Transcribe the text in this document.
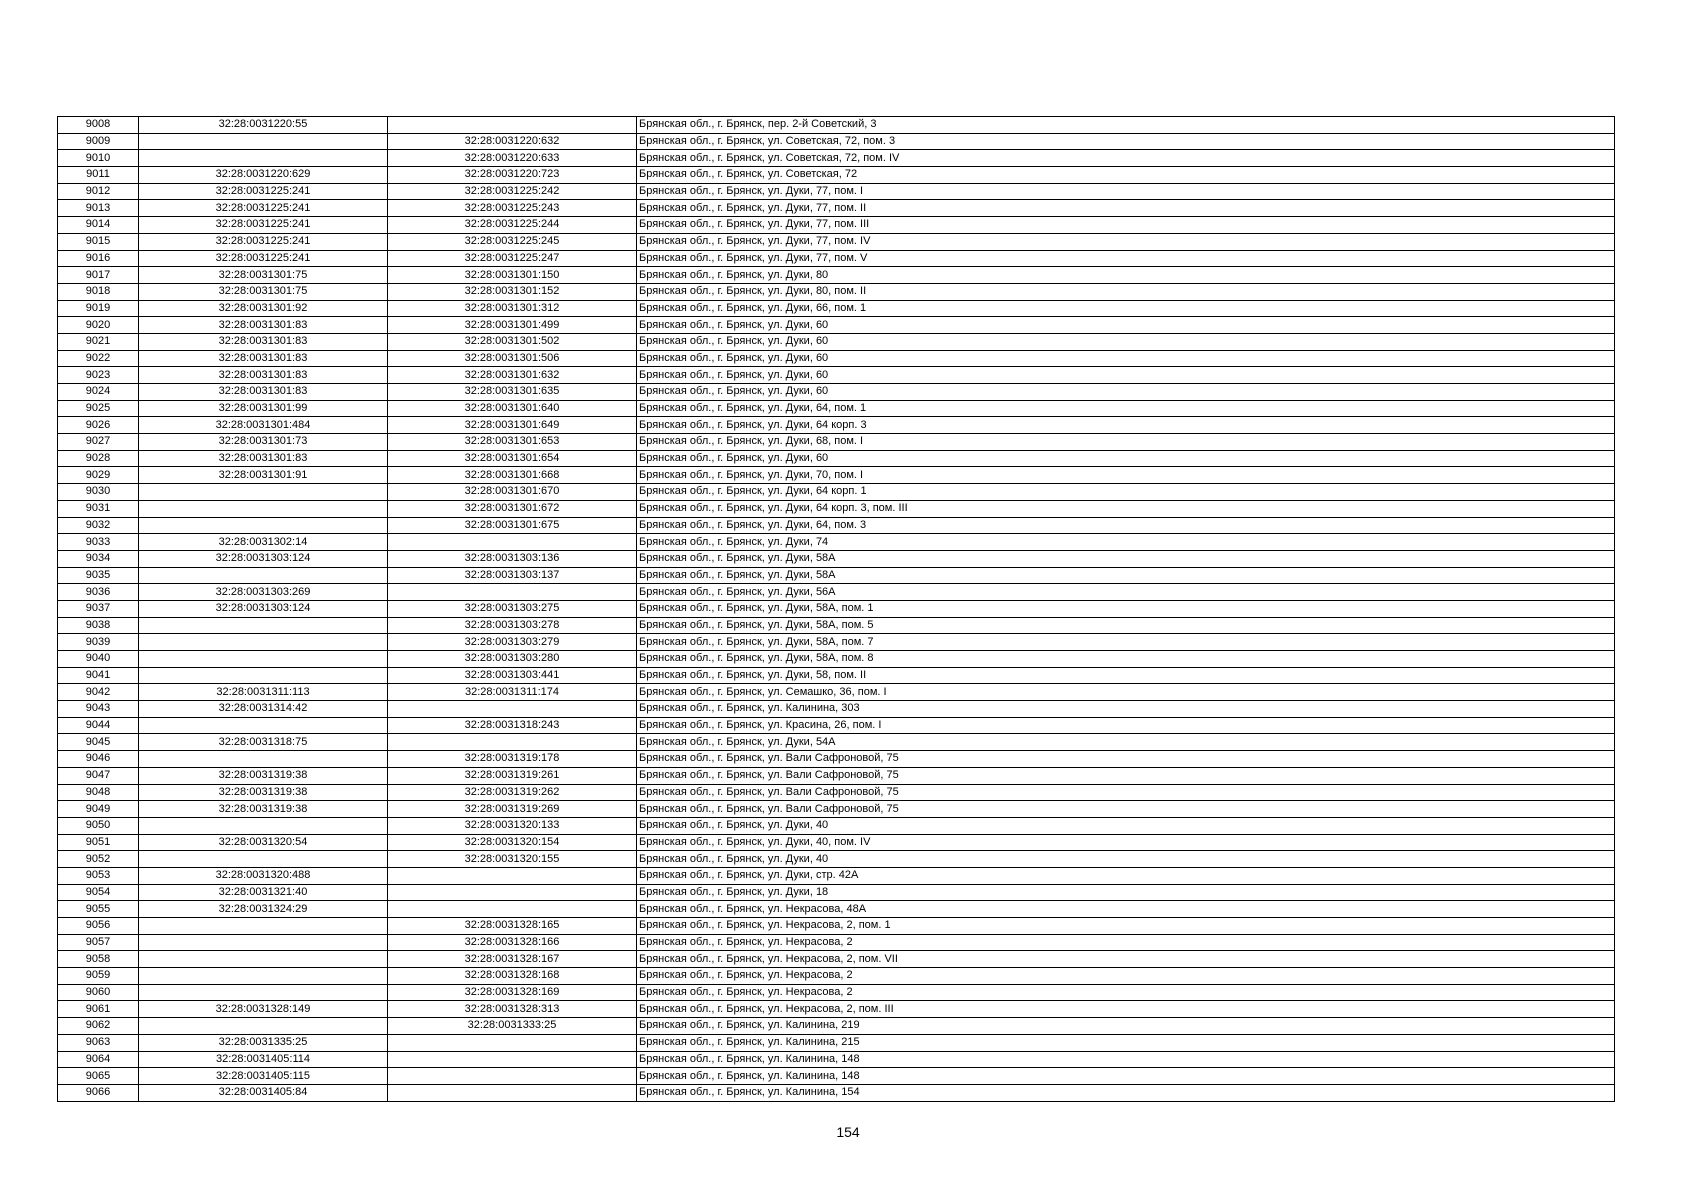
9008	32:28:0031220:55		Брянская обл., г. Брянск, пер. 2-й Советский, 3
9009		32:28:0031220:632	Брянская обл., г. Брянск, ул. Советская, 72, пом. 3
9010		32:28:0031220:633	Брянская обл., г. Брянск, ул. Советская, 72, пом. IV
9011	32:28:0031220:629	32:28:0031220:723	Брянская обл., г. Брянск, ул. Советская, 72
9012	32:28:0031225:241	32:28:0031225:242	Брянская обл., г. Брянск, ул. Дуки, 77, пом. I
9013	32:28:0031225:241	32:28:0031225:243	Брянская обл., г. Брянск, ул. Дуки, 77, пом. II
9014	32:28:0031225:241	32:28:0031225:244	Брянская обл., г. Брянск, ул. Дуки, 77, пом. III
9015	32:28:0031225:241	32:28:0031225:245	Брянская обл., г. Брянск, ул. Дуки, 77, пом. IV
9016	32:28:0031225:241	32:28:0031225:247	Брянская обл., г. Брянск, ул. Дуки, 77, пом. V
9017	32:28:0031301:75	32:28:0031301:150	Брянская обл., г. Брянск, ул. Дуки, 80
9018	32:28:0031301:75	32:28:0031301:152	Брянская обл., г. Брянск, ул. Дуки, 80, пом. II
9019	32:28:0031301:92	32:28:0031301:312	Брянская обл., г. Брянск, ул. Дуки, 66, пом. 1
9020	32:28:0031301:83	32:28:0031301:499	Брянская обл., г. Брянск, ул. Дуки, 60
9021	32:28:0031301:83	32:28:0031301:502	Брянская обл., г. Брянск, ул. Дуки, 60
9022	32:28:0031301:83	32:28:0031301:506	Брянская обл., г. Брянск, ул. Дуки, 60
9023	32:28:0031301:83	32:28:0031301:632	Брянская обл., г. Брянск, ул. Дуки, 60
9024	32:28:0031301:83	32:28:0031301:635	Брянская обл., г. Брянск, ул. Дуки, 60
9025	32:28:0031301:99	32:28:0031301:640	Брянская обл., г. Брянск, ул. Дуки, 64, пом. 1
9026	32:28:0031301:484	32:28:0031301:649	Брянская обл., г. Брянск, ул. Дуки, 64 корп. 3
9027	32:28:0031301:73	32:28:0031301:653	Брянская обл., г. Брянск, ул. Дуки, 68, пом. I
9028	32:28:0031301:83	32:28:0031301:654	Брянская обл., г. Брянск, ул. Дуки, 60
9029	32:28:0031301:91	32:28:0031301:668	Брянская обл., г. Брянск, ул. Дуки, 70, пом. I
9030		32:28:0031301:670	Брянская обл., г. Брянск, ул. Дуки, 64 корп. 1
9031		32:28:0031301:672	Брянская обл., г. Брянск, ул. Дуки, 64 корп. 3, пом. III
9032		32:28:0031301:675	Брянская обл., г. Брянск, ул. Дуки, 64, пом. 3
9033	32:28:0031302:14		Брянская обл., г. Брянск, ул. Дуки, 74
9034	32:28:0031303:124	32:28:0031303:136	Брянская обл., г. Брянск, ул. Дуки, 58А
9035		32:28:0031303:137	Брянская обл., г. Брянск, ул. Дуки, 58А
9036	32:28:0031303:269		Брянская обл., г. Брянск, ул. Дуки, 56А
9037	32:28:0031303:124	32:28:0031303:275	Брянская обл., г. Брянск, ул. Дуки, 58А, пом. 1
9038		32:28:0031303:278	Брянская обл., г. Брянск, ул. Дуки, 58А, пом. 5
9039		32:28:0031303:279	Брянская обл., г. Брянск, ул. Дуки, 58А, пом. 7
9040		32:28:0031303:280	Брянская обл., г. Брянск, ул. Дуки, 58А, пом. 8
9041		32:28:0031303:441	Брянская обл., г. Брянск, ул. Дуки, 58, пом. II
9042	32:28:0031311:113	32:28:0031311:174	Брянская обл., г. Брянск, ул. Семашко, 36, пом. I
9043	32:28:0031314:42		Брянская обл., г. Брянск, ул. Калинина, 303
9044		32:28:0031318:243	Брянская обл., г. Брянск, ул. Красина, 26, пом. I
9045	32:28:0031318:75		Брянская обл., г. Брянск, ул. Дуки, 54А
9046		32:28:0031319:178	Брянская обл., г. Брянск, ул. Вали Сафроновой, 75
9047	32:28:0031319:38	32:28:0031319:261	Брянская обл., г. Брянск, ул. Вали Сафроновой, 75
9048	32:28:0031319:38	32:28:0031319:262	Брянская обл., г. Брянск, ул. Вали Сафроновой, 75
9049	32:28:0031319:38	32:28:0031319:269	Брянская обл., г. Брянск, ул. Вали Сафроновой, 75
9050		32:28:0031320:133	Брянская обл., г. Брянск, ул. Дуки, 40
9051	32:28:0031320:54	32:28:0031320:154	Брянская обл., г. Брянск, ул. Дуки, 40, пом. IV
9052		32:28:0031320:155	Брянская обл., г. Брянск, ул. Дуки, 40
9053	32:28:0031320:488		Брянская обл., г. Брянск, ул. Дуки, стр. 42А
9054	32:28:0031321:40		Брянская обл., г. Брянск, ул. Дуки, 18
9055	32:28:0031324:29		Брянская обл., г. Брянск, ул. Некрасова, 48А
9056		32:28:0031328:165	Брянская обл., г. Брянск, ул. Некрасова, 2, пом. 1
9057		32:28:0031328:166	Брянская обл., г. Брянск, ул. Некрасова, 2
9058		32:28:0031328:167	Брянская обл., г. Брянск, ул. Некрасова, 2, пом. VII
9059		32:28:0031328:168	Брянская обл., г. Брянск, ул. Некрасова, 2
9060		32:28:0031328:169	Брянская обл., г. Брянск, ул. Некрасова, 2
9061	32:28:0031328:149	32:28:0031328:313	Брянская обл., г. Брянск, ул. Некрасова, 2, пом. III
9062		32:28:0031333:25	Брянская обл., г. Брянск, ул. Калинина, 219
9063	32:28:0031335:25		Брянская обл., г. Брянск, ул. Калинина, 215
9064	32:28:0031405:114		Брянская обл., г. Брянск, ул. Калинина, 148
9065	32:28:0031405:115		Брянская обл., г. Брянск, ул. Калинина, 148
9066	32:28:0031405:84		Брянская обл., г. Брянск, ул. Калинина, 154
154
